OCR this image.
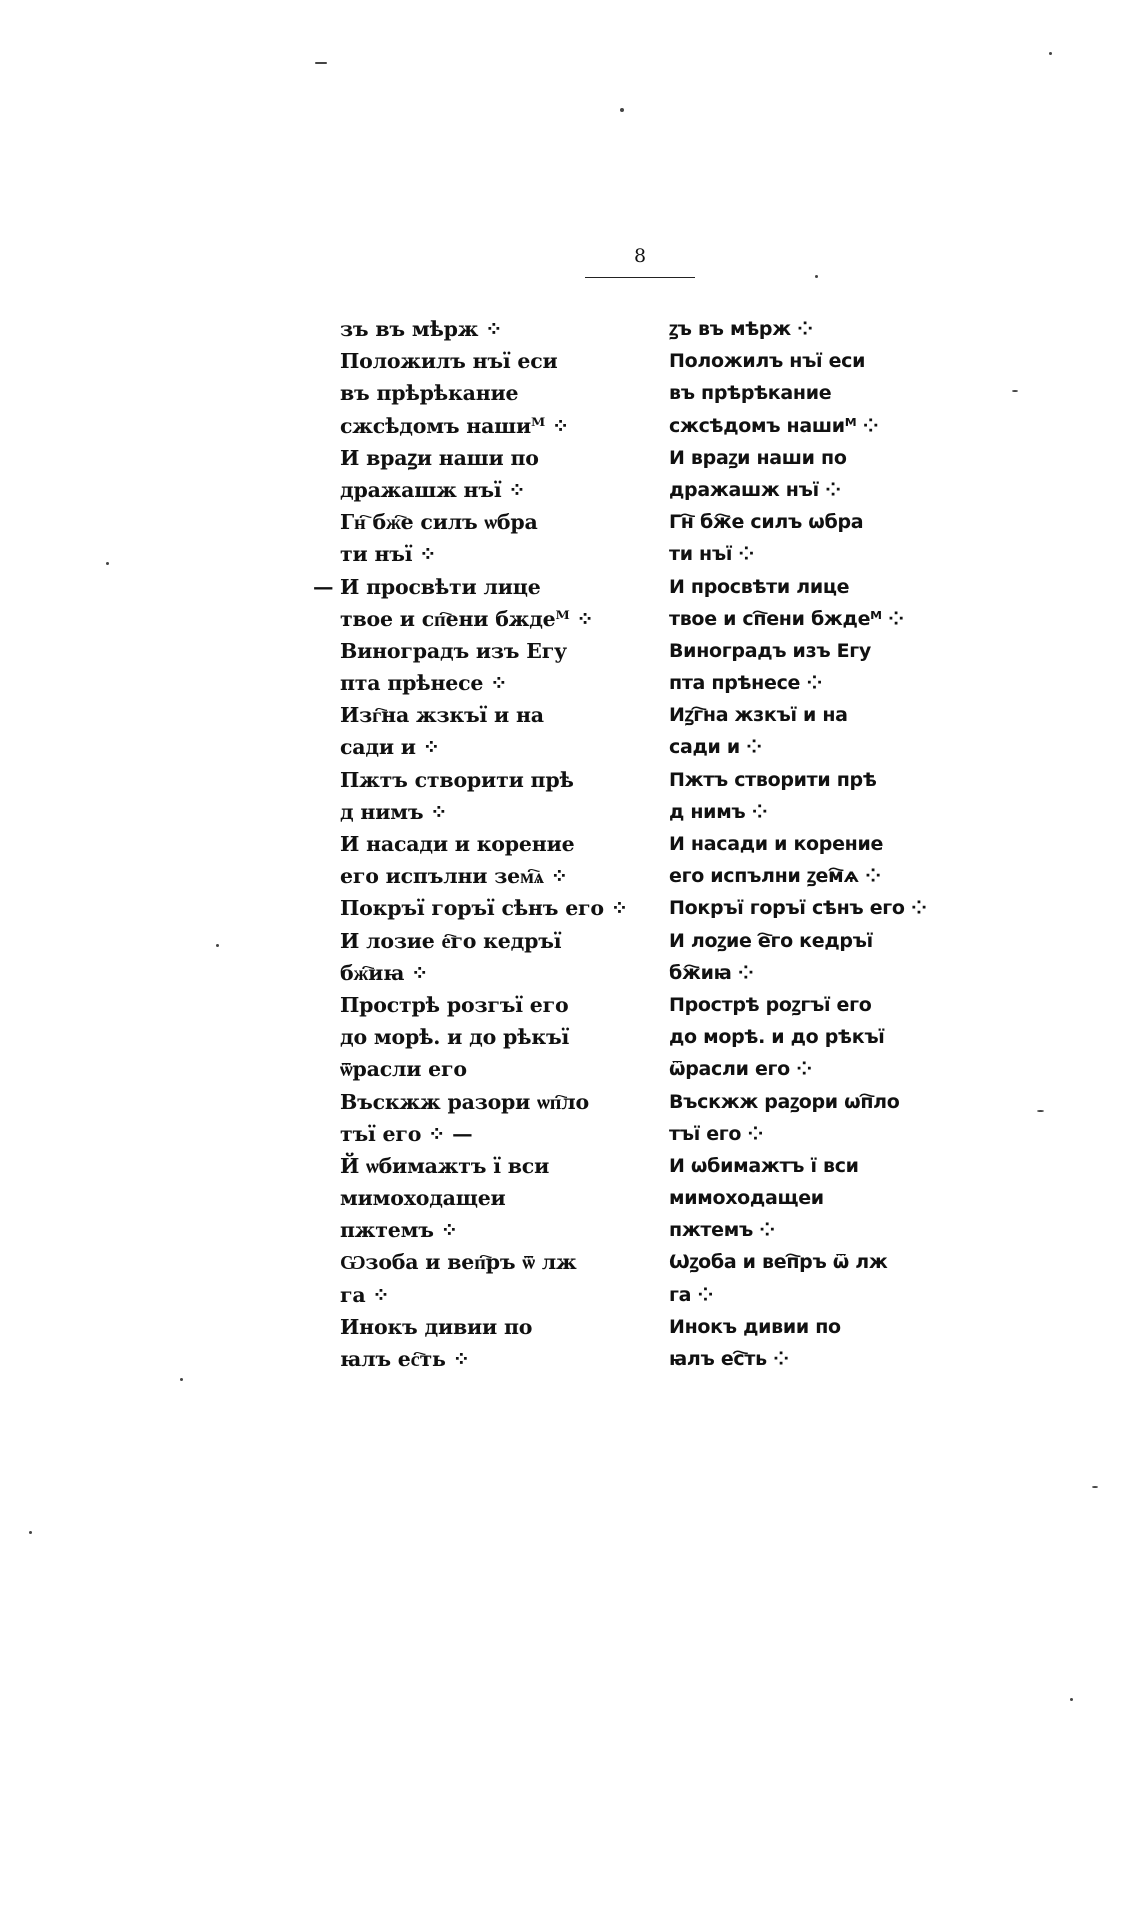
8
зъ въ мѣрж ⁘
Положилъ нъї еси
въ прѣрѣкание
сжсѣдомъ нашиᴹ ⁘
И враꙁи наши по
дражашж нъї ⁘
Гн҇ бж҇е силъ ѡбра
ти нъї ⁘
— И просвѣти лице
твое и сп҇ени бждеᴹ ⁘
Виноградъ изъ Егу
пта прѣнесе ⁘
Изг҇на жзкъї и на
сади и ⁘
Пжтъ створити прѣ
д нимъ ⁘
И насади и корение
его испълни зем҇ѧ ⁘
Покръї горъї сѣнъ его ⁘
И лозие е҇го кедръї
бж҇иꙗ ⁘
Прострѣ розгъї его
до морѣ. и до рѣкъї
ѿрасли его
Въскжж разори ѡп҇ло
тъї его ⁘ —
Й ѡбимажтъ ї вси
мимоходащеи
пжтемъ ⁘
Ѡзоба и веп҇ръ ѿ лж
га ⁘
Инокъ дивии по
ꙗлъ ес҇ть ⁘
ꙁъ въ мѣрж ⁘
Положилъ нъї еси
въ прѣрѣкание
сжсѣдомъ нашиᴹ ⁘
И враꙁи наши по
дражашж нъї ⁘
Гн҇ бж҇е силъ ѡбра
ти нъї ⁘
И просвѣти лице
твое и сп҇ени бждеᴹ ⁘
Виноградъ изъ Егу
пта прѣнесе ⁘
Иꙁг҇на жзкъї и на
сади и ⁘
Пжтъ створити прѣ
д нимъ ⁘
И насади и корение
его испълни ꙁем҇ѧ ⁘
Покръї горъї сѣнъ его ⁘
И лоꙁие е҇го кедръї
бж҇иꙗ ⁘
Прострѣ роꙁгъї его
до морѣ. и до рѣкъї
ѿрасли его ⁘
Въскжж раꙁори ѡп҇ло
тъї его ⁘
И ѡбимажтъ ї вси
мимоходащеи
пжтемъ ⁘
Ѡꙁоба и веп҇ръ ѿ лж
га ⁘
Инокъ дивии по
ꙗлъ ес҇ть ⁘
